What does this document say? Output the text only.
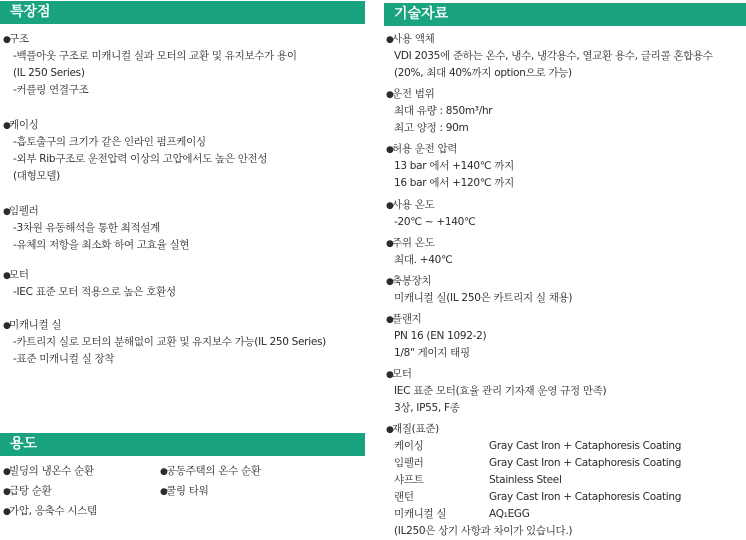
특장점
●구조
-백플아웃 구조로 미캐니컬 실과 모터의 교환 및 유지보수가 용이
(IL 250 Series)
-커플링 연결구조
●케이싱
-흡토출구의 크기가 같은 인라인 펌프케이싱
-외부 Rib구조로 운전압력 이상의 고압에서도 높은 안전성
(대형모델)
●임펠러
-3차원 유동해석을 통한 최적설계
-유체의 저항을 최소화 하여 고효율 실현
●모터
-IEC 표준 모터 적용으로 높은 호환성
●미캐니컬 실
-카트리지 실로 모터의 분해없이 교환 및 유지보수 가능(IL 250 Series)
-표준 미캐니컬 실 장착
용도
●빌딩의 냉온수 순환	●공동주택의 온수 순환
●급탕 순환	●쿨링 타워
●가압, 응축수 시스템
기술자료
●사용 액체
VDI 2035에 준하는 온수, 냉수, 냉각용수, 열교환 용수, 글리콜 혼합용수
(20%, 최대 40%까지 option으로 가능)
●운전 범위
최대 유량 : 850m³/hr
최고 양정 : 90m
●허용 운전 압력
13 bar 에서 +140℃ 까지
16 bar 에서 +120℃ 까지
●사용 온도
-20℃ ~ +140℃
●주위 온도
최대. +40℃
●축봉장치
미캐니컬 실(IL 250은 카트리지 실 채용)
●플랜지
PN 16 (EN 1092-2)
1/8" 게이지 태핑
●모터
IEC 표준 모터(효율 관리 기자재 운영 규정 만족)
3상, IP55, F종
●재질(표준)
케이싱	Gray Cast Iron + Cataphoresis Coating
임펠러	Gray Cast Iron + Cataphoresis Coating
샤프트	Stainless Steel
랜턴	Gray Cast Iron + Cataphoresis Coating
미캐니컬 실	AQ₁EGG
(IL250은 상기 사항과 차이가 있습니다.)
